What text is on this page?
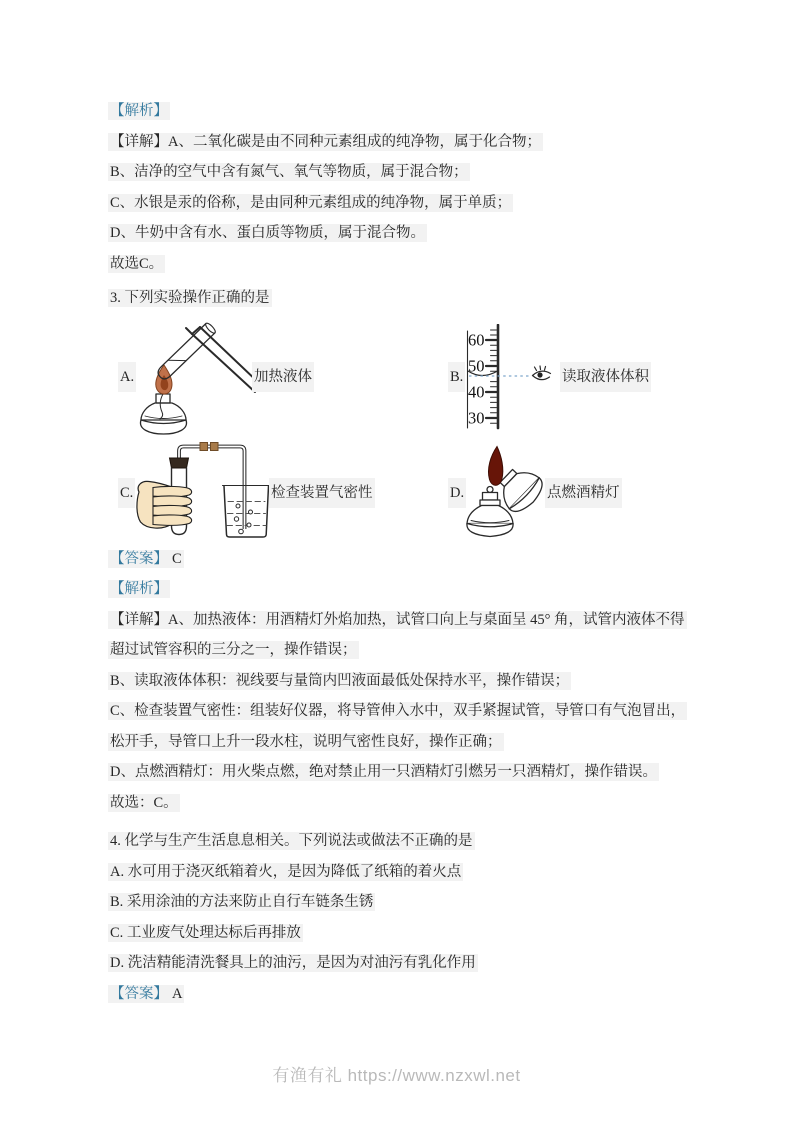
【解析】

【详解】A、二氧化碳是由不同种元素组成的纯净物，属于化合物；

B、洁净的空气中含有氮气、氧气等物质，属于混合物；

C、水银是汞的俗称，是由同种元素组成的纯净物，属于单质；

D、牛奶中含有水、蛋白质等物质，属于混合物。

故选C。

3. 下列实验操作正确的是

A.	加热液体	B.
60
50
40
30
读取液体体积
C.	检查装置气密性	D.	点燃酒精灯

【答案】 C

【解析】

【详解】A、加热液体：用酒精灯外焰加热，试管口向上与桌面呈 45° 角，试管内液体不得

超过试管容积的三分之一，操作错误；

B、读取液体体积：视线要与量筒内凹液面最低处保持水平，操作错误；

C、检查装置气密性：组装好仪器，将导管伸入水中，双手紧握试管，导管口有气泡冒出，

松开手，导管口上升一段水柱，说明气密性良好，操作正确；

D、点燃酒精灯：用火柴点燃，绝对禁止用一只酒精灯引燃另一只酒精灯，操作错误。

故选：C。

4. 化学与生产生活息息相关。下列说法或做法不正确的是

A. 水可用于浇灭纸箱着火，是因为降低了纸箱的着火点

B. 采用涂油的方法来防止自行车链条生锈

C. 工业废气处理达标后再排放

D. 洗洁精能清洗餐具上的油污，是因为对油污有乳化作用

【答案】 A

有渔有礼 https://www.nzxwl.net
